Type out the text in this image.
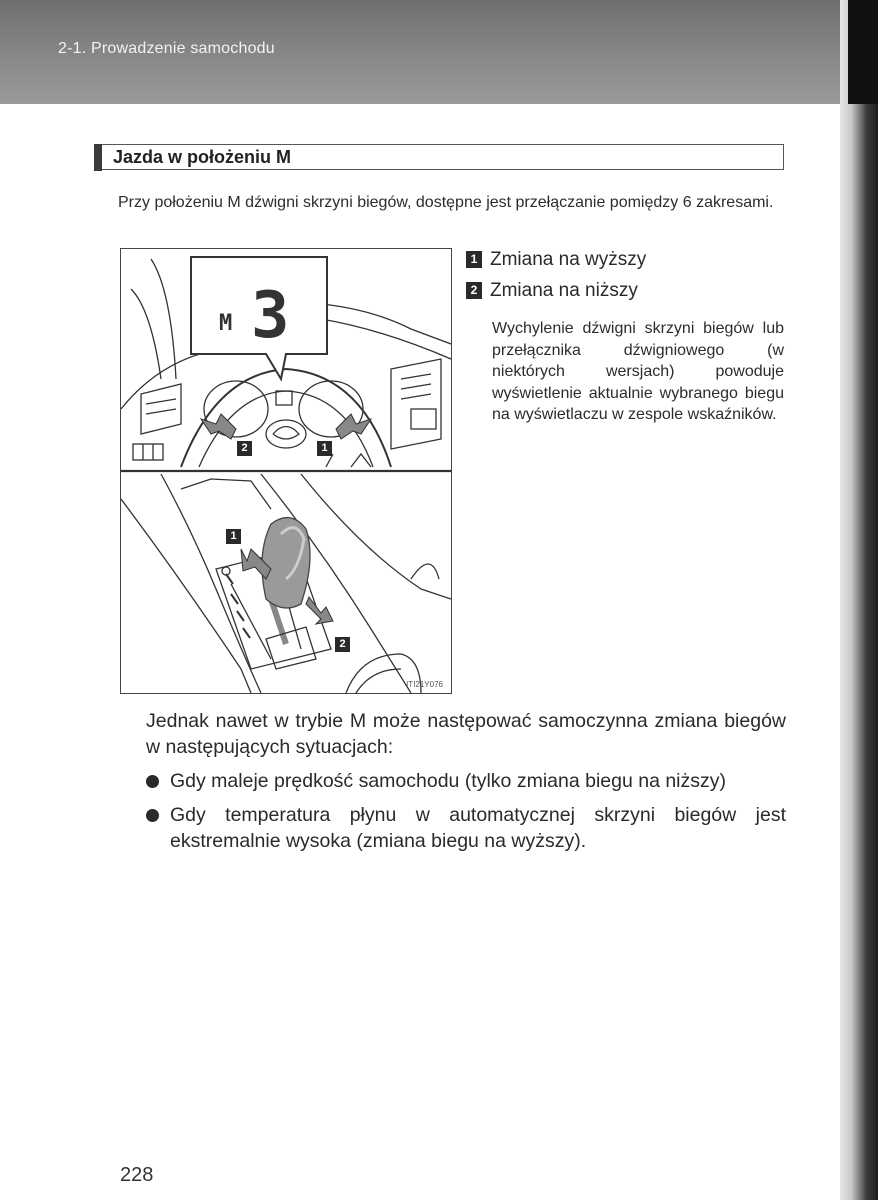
2-1. Prowadzenie samochodu
Jazda w położeniu M
Przy położeniu M dźwigni skrzyni biegów, dostępne jest przełączanie pomiędzy 6 zakresami.
M 3
2	1
1
2
ITI21Y076
1 Zmiana na wyższy
2 Zmiana na niższy
Wychylenie dźwigni skrzyni biegów lub przełącznika dźwigniowego (w niektórych wersjach) powoduje wyświetlenie aktualnie wybranego biegu na wyświetlaczu w zespole wskaźników.
Jednak nawet w trybie M może następować samoczynna zmiana biegów w następujących sytuacjach:
Gdy maleje prędkość samochodu (tylko zmiana biegu na niższy)
Gdy temperatura płynu w automatycznej skrzyni biegów jest ekstremalnie wysoka (zmiana biegu na wyższy).
228
